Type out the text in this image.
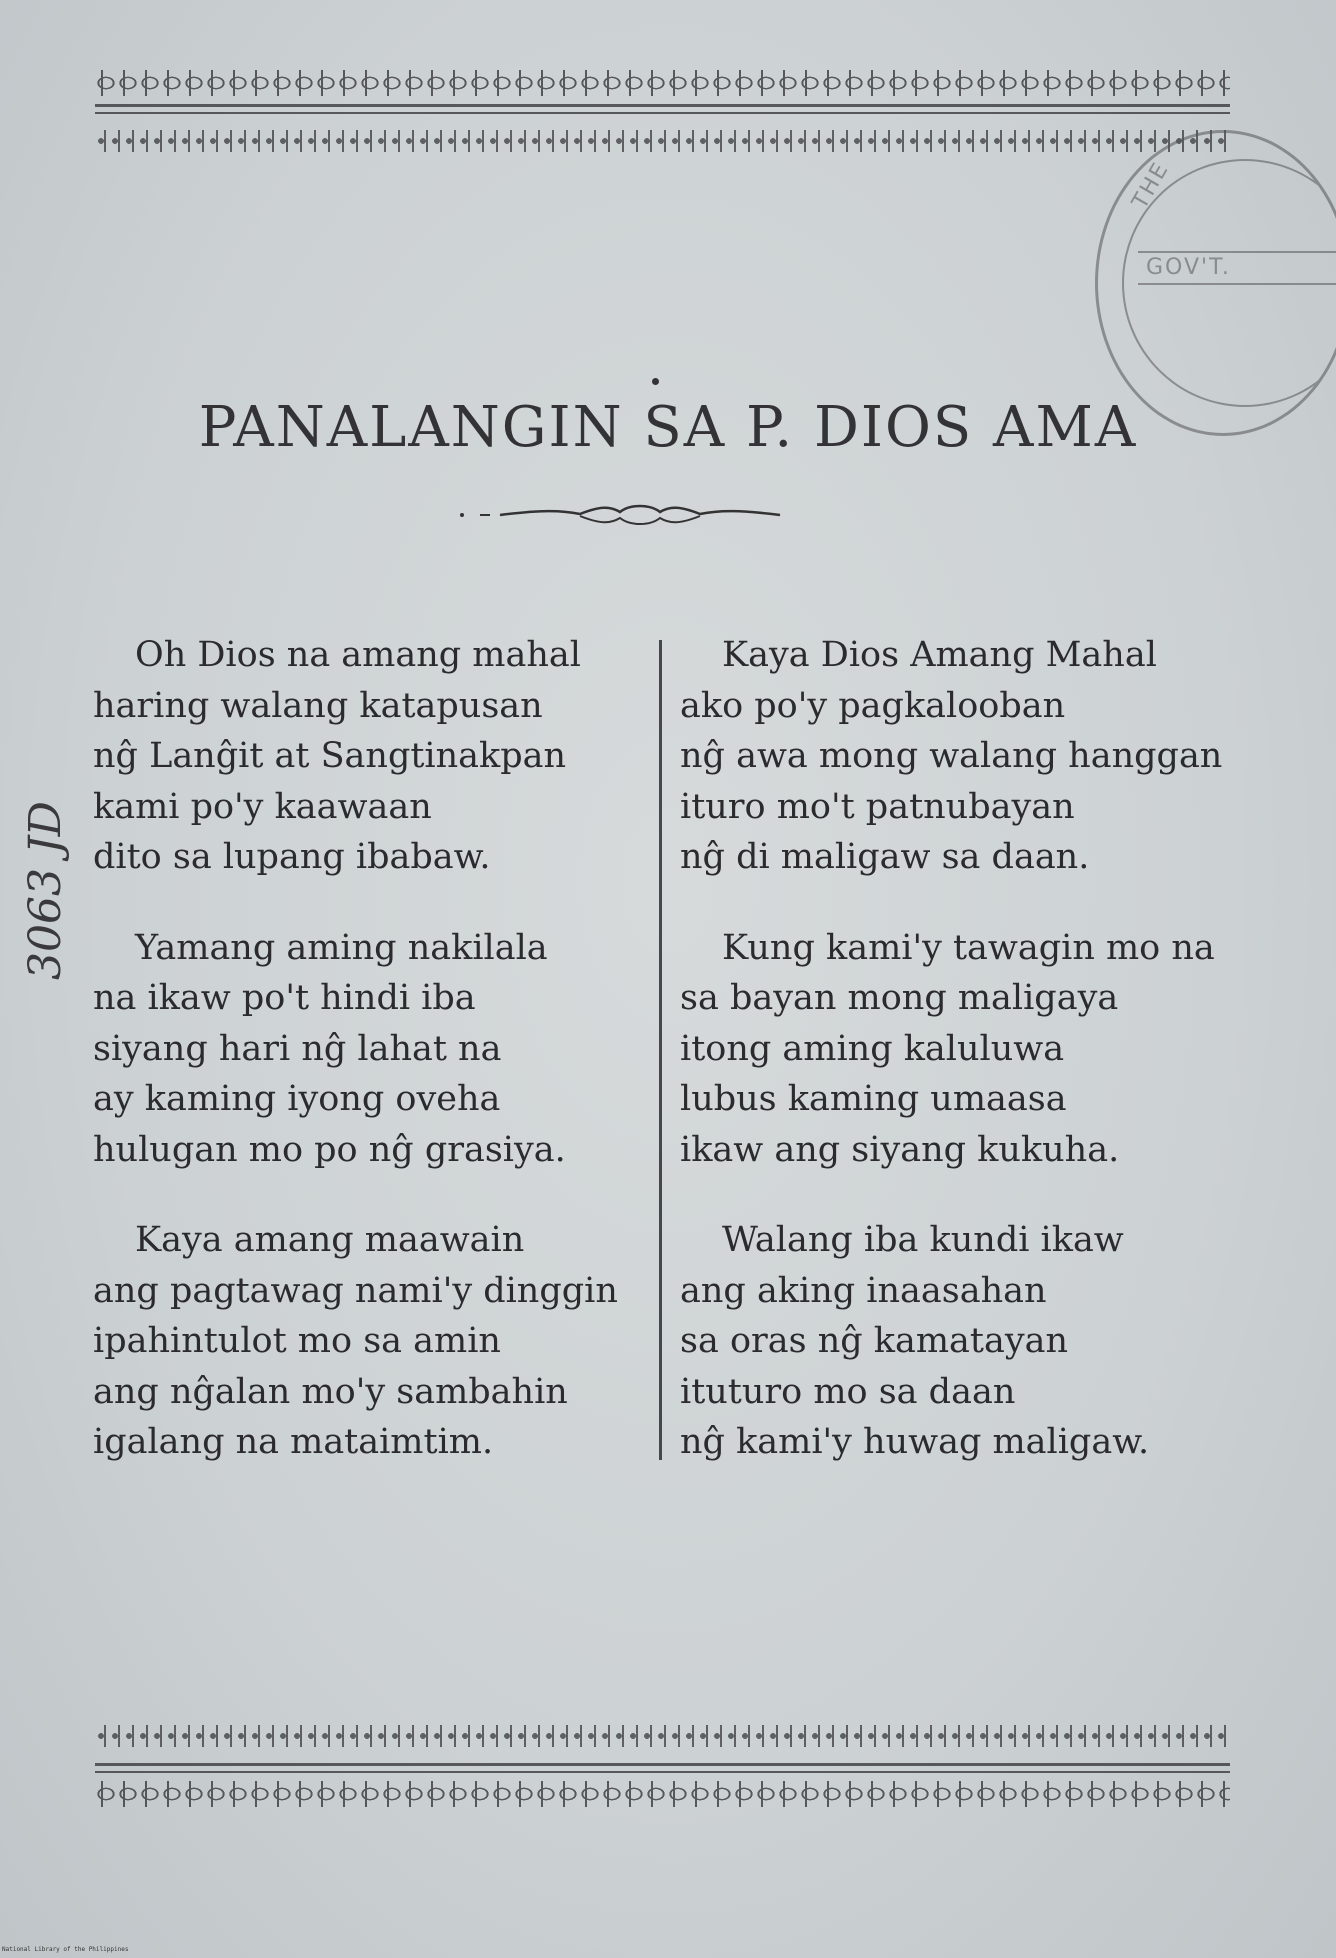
THE
GOV'T.
PANALANGIN SA P. DIOS AMA
3063 JD
Oh Dios na amang mahal
haring walang katapusan
nĝ Lanĝit at Sangtinakpan
kami po'y kaawaan
dito sa lupang ibabaw.
Yamang aming nakilala
na ikaw po't hindi iba
siyang hari nĝ lahat na
ay kaming iyong oveha
hulugan mo po nĝ grasiya.
Kaya amang maawain
ang pagtawag nami'y dinggin
ipahintulot mo sa amin
ang nĝalan mo'y sambahin
igalang na mataimtim.
Kaya Dios Amang Mahal
ako po'y pagkalooban
nĝ awa mong walang hanggan
ituro mo't patnubayan
nĝ di maligaw sa daan.
Kung kami'y tawagin mo na
sa bayan mong maligaya
itong aming kaluluwa
lubus kaming umaasa
ikaw ang siyang kukuha.
Walang iba kundi ikaw
ang aking inaasahan
sa oras nĝ kamatayan
ituturo mo sa daan
nĝ kami'y huwag maligaw.
National Library of the Philippines
